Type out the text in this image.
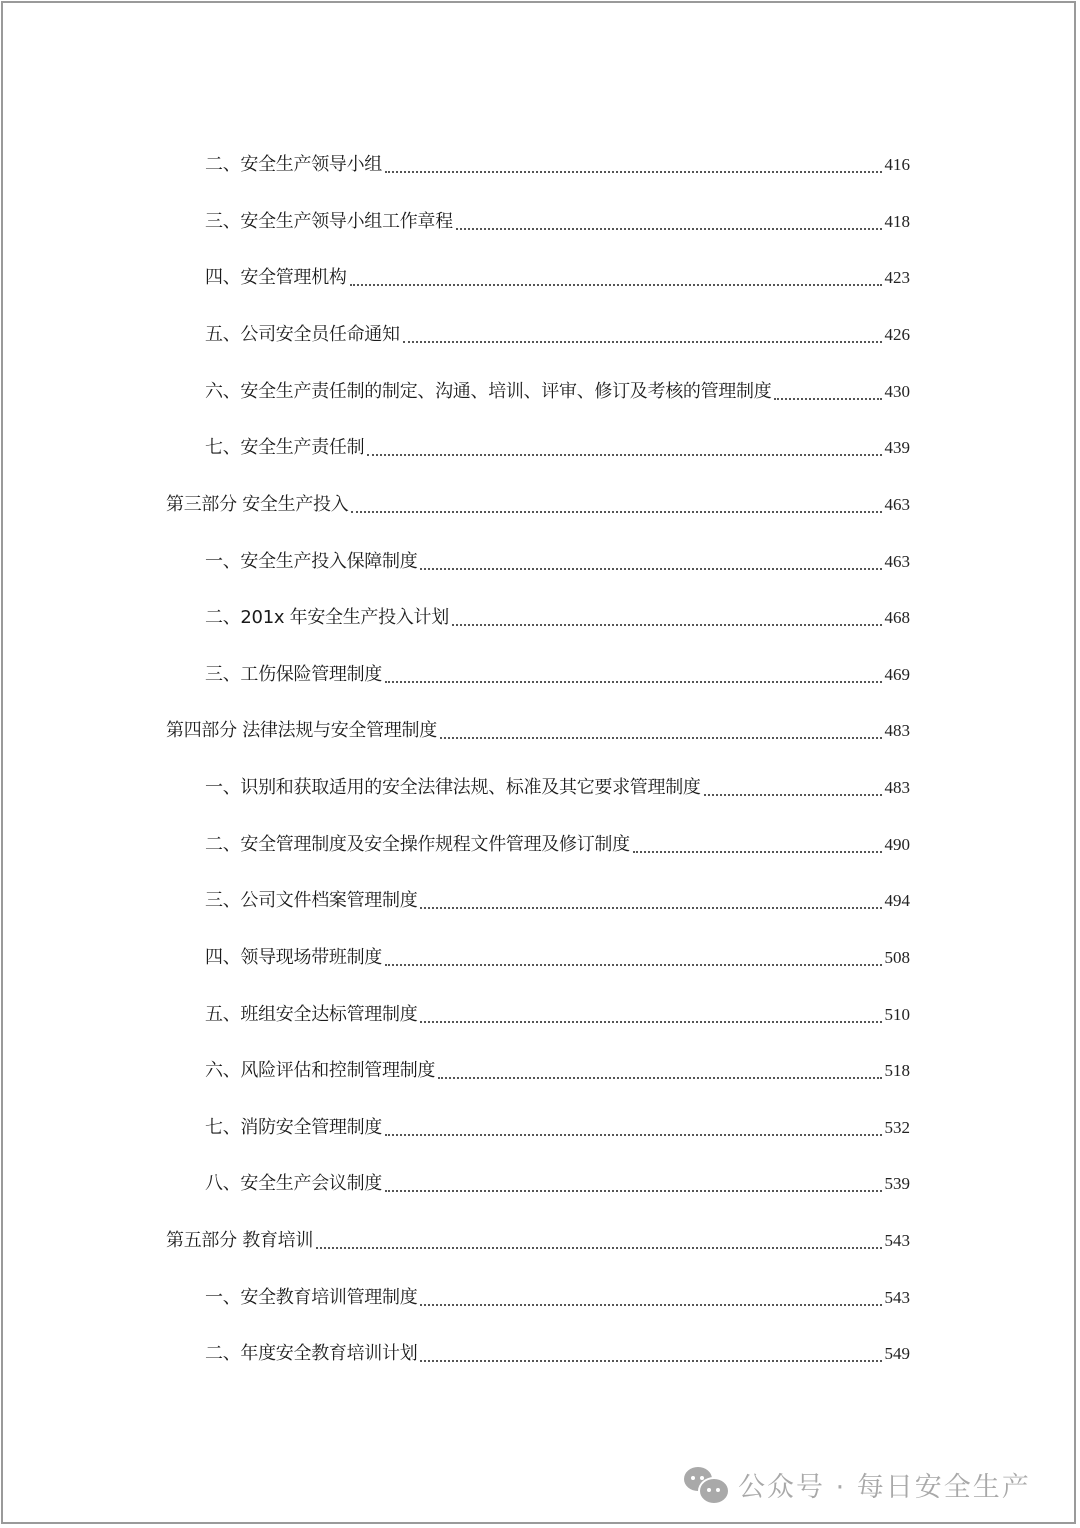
二、安全生产领导小组	416
三、安全生产领导小组工作章程	418
四、安全管理机构	423
五、公司安全员任命通知	426
六、安全生产责任制的制定、沟通、培训、评审、修订及考核的管理制度	430
七、安全生产责任制	439
第三部分 安全生产投入	463
一、安全生产投入保障制度	463
二、201x 年安全生产投入计划	468
三、工伤保险管理制度	469
第四部分 法律法规与安全管理制度	483
一、识别和获取适用的安全法律法规、标准及其它要求管理制度	483
二、安全管理制度及安全操作规程文件管理及修订制度	490
三、公司文件档案管理制度	494
四、领导现场带班制度	508
五、班组安全达标管理制度	510
六、风险评估和控制管理制度	518
七、消防安全管理制度	532
八、安全生产会议制度	539
第五部分 教育培训	543
一、安全教育培训管理制度	543
二、年度安全教育培训计划	549
公众号 · 每日安全生产
